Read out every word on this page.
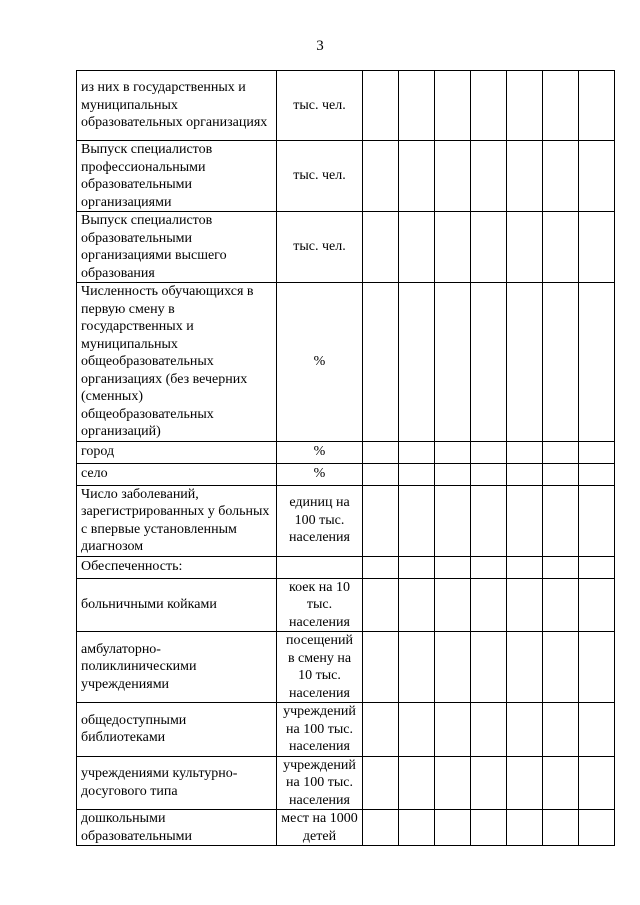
3
из них в государственных и муниципальных образовательных организациях	тыс. чел.							
Выпуск специалистов профессиональными образовательными организациями	тыс. чел.							
Выпуск специалистов образовательными организациями высшего образования	тыс. чел.							
Численность обучающихся в первую смену в государственных и муниципальных общеобразовательных организациях (без вечерних (сменных) общеобразовательных организаций)	%							
город	%							
село	%							
Число заболеваний, зарегистрированных у больных с впервые установленным диагнозом	единиц на 100 тыс. населения							
Обеспеченность:								
больничными койками	коек на 10 тыс. населения							
амбулаторно-поликлиническими учреждениями	посещений в смену на 10 тыс. населения							
общедоступными библиотеками	учреждений на 100 тыс. населения							
учреждениями культурно-досугового типа	учреждений на 100 тыс. населения							
дошкольными образовательными	мест на 1000 детей							
